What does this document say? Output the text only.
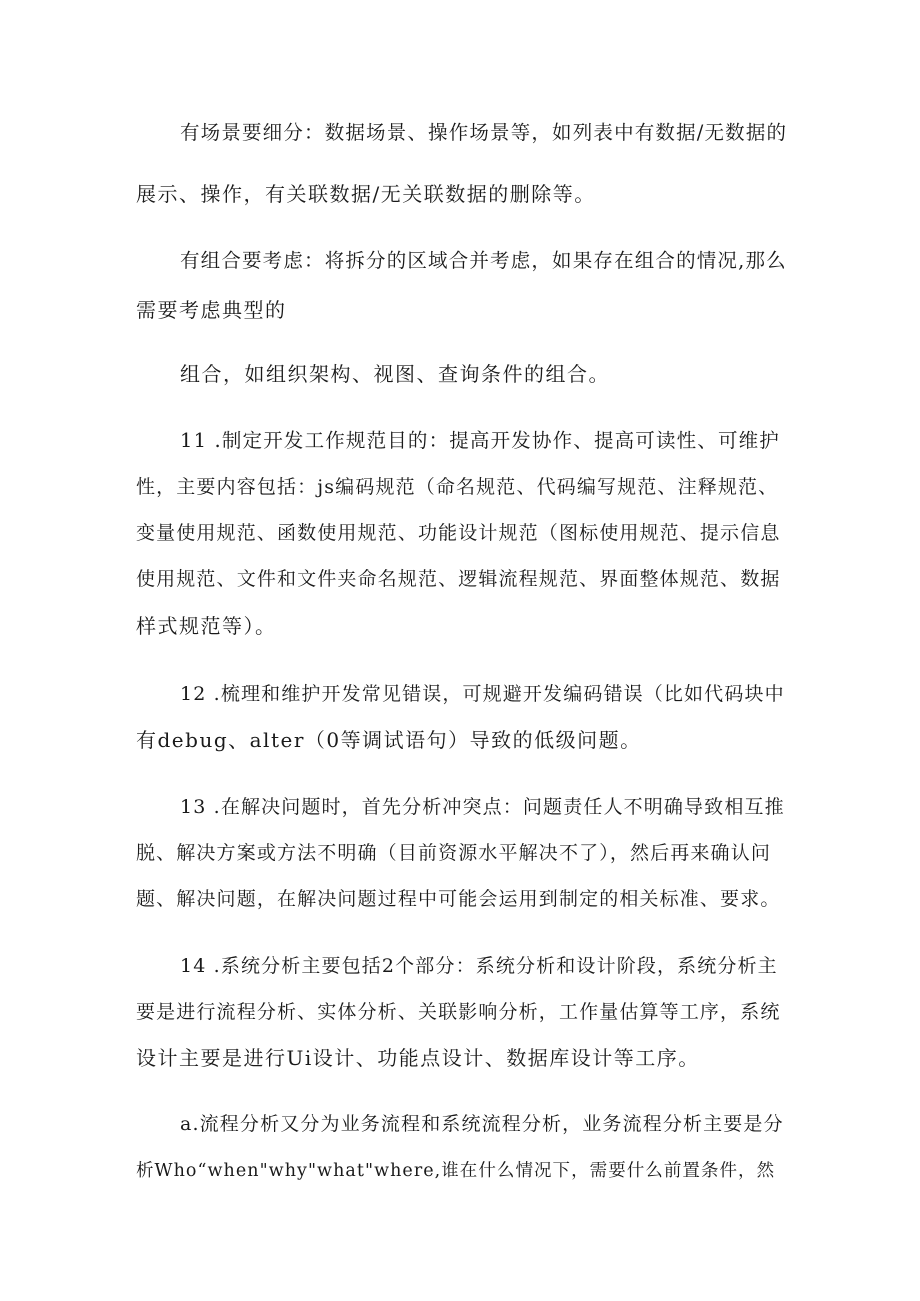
有场景要细分：数据场景、操作场景等，如列表中有数据/无数据的

展示、操作，有关联数据/无关联数据的删除等。

有组合要考虑：将拆分的区域合并考虑，如果存在组合的情况,那么

需要考虑典型的

组合，如组织架构、视图、查询条件的组合。

11 .制定开发工作规范目的：提高开发协作、提高可读性、可维护

性，主要内容包括：js编码规范（命名规范、代码编写规范、注释规范、

变量使用规范、函数使用规范、功能设计规范（图标使用规范、提示信息

使用规范、文件和文件夹命名规范、逻辑流程规范、界面整体规范、数据

样式规范等）。

12 .梳理和维护开发常见错误，可规避开发编码错误（比如代码块中

有debug、alter（0等调试语句）导致的低级问题。

13 .在解决问题时，首先分析冲突点：问题责任人不明确导致相互推

脱、解决方案或方法不明确（目前资源水平解决不了），然后再来确认问

题、解决问题，在解决问题过程中可能会运用到制定的相关标准、要求。

14 .系统分析主要包括2个部分：系统分析和设计阶段，系统分析主

要是进行流程分析、实体分析、关联影响分析，工作量估算等工序，系统

设计主要是进行Ui设计、功能点设计、数据库设计等工序。

a.流程分析又分为业务流程和系统流程分析，业务流程分析主要是分

析Who“when"why"what"where,谁在什么情况下，需要什么前置条件，然
